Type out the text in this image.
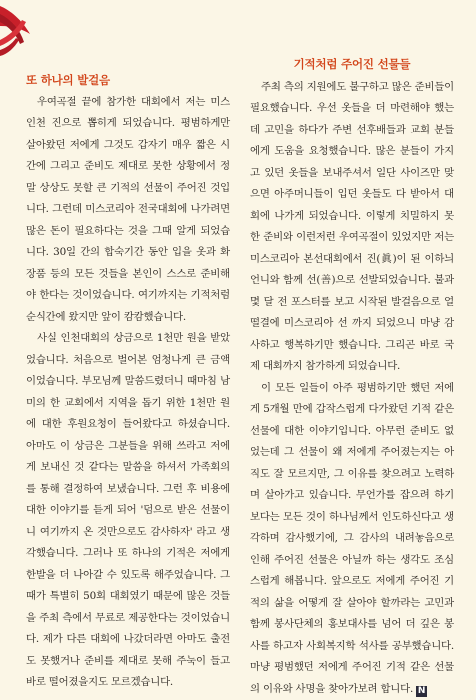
또 하나의 발걸음

우여곡절 끝에 참가한 대회에서 저는 미스 인천 진으로 뽑히게 되었습니다. 평범하게만 살아왔던 저에게 그것도 갑자기 매우 짧은 시간에 그리고 준비도 제대로 못한 상황에서 정말 상상도 못할 큰 기적의 선물이 주어진 것입니다. 그런데 미스코리아 전국대회에 나가려면 많은 돈이 필요하다는 것을 그때 알게 되었습니다. 30일 간의 합숙기간 동안 입을 옷과 화장품 등의 모든 것들을 본인이 스스로 준비해야 한다는 것이었습니다. 여기까지는 기적처럼 순식간에 왔지만 앞이 캄캄했습니다.

사실 인천대회의 상금으로 1천만 원을 받았었습니다. 처음으로 벌어본 엄청나게 큰 금액이었습니다. 부모님께 말씀드렸더니 때마침 남미의 한 교회에서 지역을 돕기 위한 1천만 원에 대한 후원요청이 들어왔다고 하셨습니다. 아마도 이 상금은 그분들을 위해 쓰라고 저에게 보내신 것 같다는 말씀을 하셔서 가족회의를 통해 결정하여 보냈습니다. 그런 후 비용에 대한 이야기를 듣게 되어 '덤으로 받은 선물이니 여기까지 온 것만으로도 감사하자' 라고 생각했습니다. 그러나 또 하나의 기적은 저에게 한발을 더 나아갈 수 있도록 해주었습니다. 그때가 특별히 50회 대회였기 때문에 많은 것들을 주최 측에서 무료로 제공한다는 것이었습니다. 제가 다른 대회에 나갔더라면 아마도 출전도 못했거나 준비를 제대로 못해 주눅이 들고 바로 떨어졌을지도 모르겠습니다.

기적처럼 주어진 선물들

주최 측의 지원에도 불구하고 많은 준비들이 필요했습니다. 우선 옷들을 더 마련해야 했는데 고민을 하다가 주변 선후배들과 교회 분들에게 도움을 요청했습니다. 많은 분들이 가지고 있던 옷들을 보내주셔서 일단 사이즈만 맞으면 아주머니들이 입던 옷들도 다 받아서 대회에 나가게 되었습니다. 이렇게 치밀하지 못한 준비와 이런저런 우여곡절이 있었지만 저는 미스코리아 본선대회에서 진(眞)이 된 이하늬 언니와 함께 선(善)으로 선발되었습니다. 불과 몇 달 전 포스터를 보고 시작된 발걸음으로 얼떨결에 미스코리아 선 까지 되었으니 마냥 감사하고 행복하기만 했습니다. 그리곤 바로 국제 대회까지 참가하게 되었습니다.

이 모든 일들이 아주 평범하기만 했던 저에게 5개월 만에 갑작스럽게 다가왔던 기적 같은 선물에 대한 이야기입니다. 아무런 준비도 없었는데 그 선물이 왜 저에게 주어졌는지는 아직도 잘 모르지만, 그 이유를 찾으려고 노력하며 살아가고 있습니다. 무언가를 잡으려 하기보다는 모든 것이 하나님께서 인도하신다고 생각하며 감사했기에, 그 감사의 내려놓음으로 인해 주어진 선물은 아닐까 하는 생각도 조심스럽게 해봅니다. 앞으로도 저에게 주어진 기적의 삶을 어떻게 잘 살아야 할까라는 고민과 함께 봉사단체의 홍보대사를 넘어 더 깊은 봉사를 하고자 사회복지학 석사를 공부했습니다. 마냥 평범했던 저에게 주어진 기적 같은 선물의 이유와 사명을 찾아가보려 합니다. N
